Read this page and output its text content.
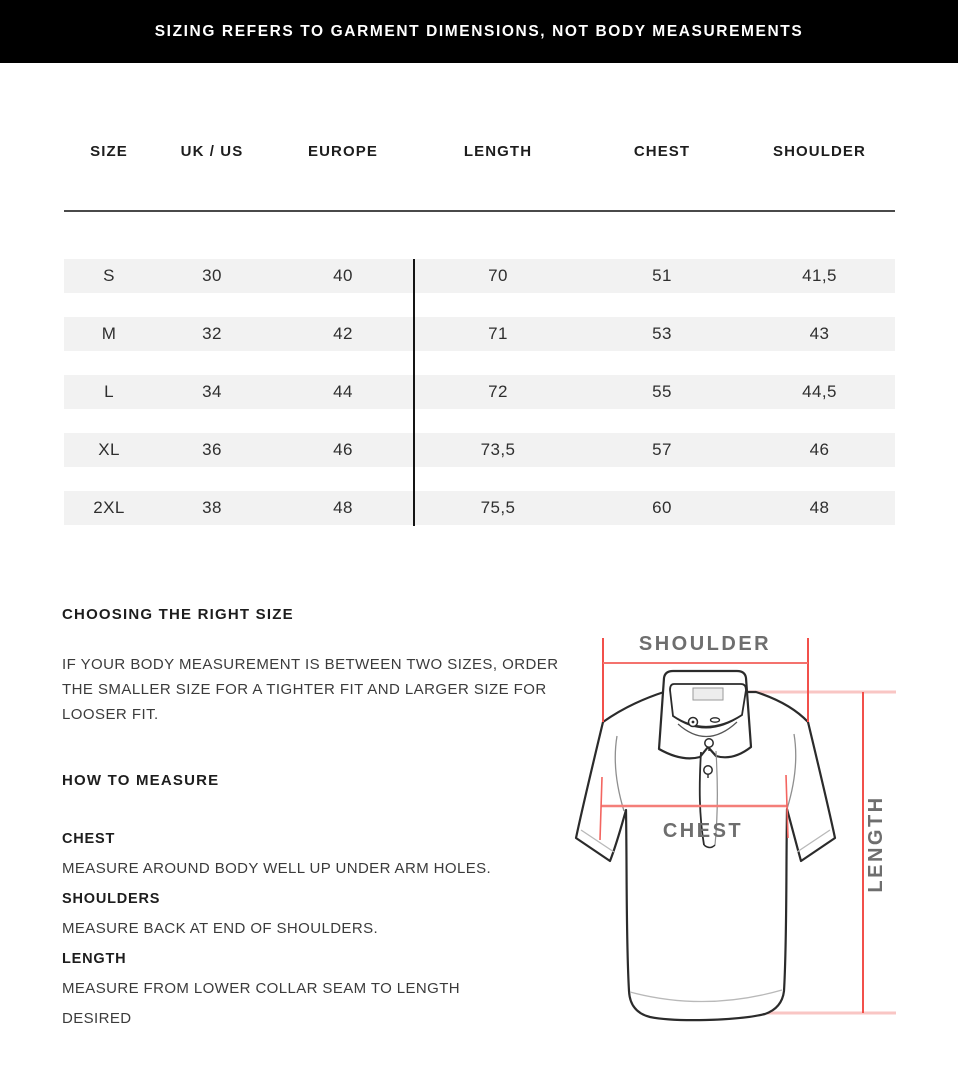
SIZING REFERS TO GARMENT DIMENSIONS, NOT BODY MEASUREMENTS
SIZE	UK / US	EUROPE	LENGTH	CHEST	SHOULDER
S	30	40	70	51	41,5
M	32	42	71	53	43
L	34	44	72	55	44,5
XL	36	46	73,5	57	46
2XL	38	48	75,5	60	48
CHOOSING THE RIGHT SIZE
IF YOUR BODY MEASUREMENT IS BETWEEN TWO SIZES, ORDER THE SMALLER SIZE FOR A TIGHTER FIT AND LARGER SIZE FOR LOOSER FIT.
HOW TO MEASURE
CHEST
MEASURE AROUND BODY WELL UP UNDER ARM HOLES.
SHOULDERS
MEASURE BACK AT END OF SHOULDERS.
LENGTH
MEASURE FROM LOWER COLLAR SEAM TO LENGTH DESIRED
SHOULDER
CHEST	LENGTH
